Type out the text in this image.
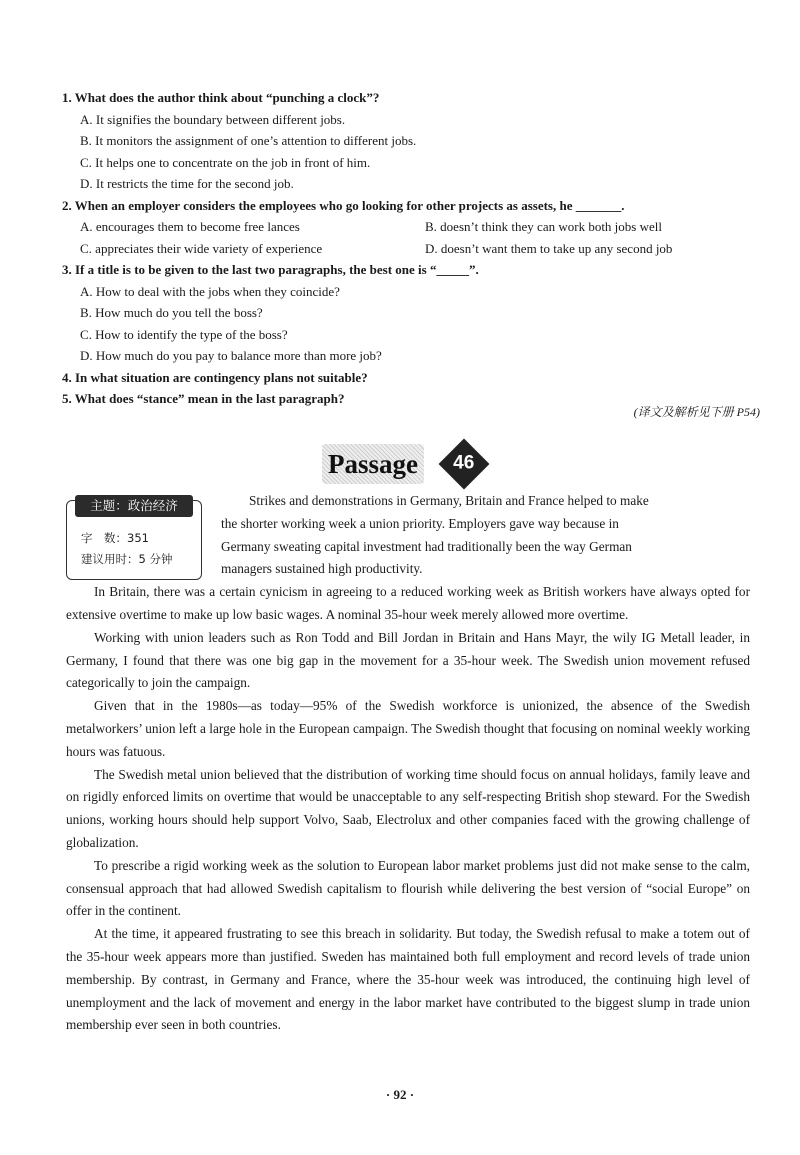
1. What does the author think about “punching a clock”?
A. It signifies the boundary between different jobs.
B. It monitors the assignment of one’s attention to different jobs.
C. It helps one to concentrate on the job in front of him.
D. It restricts the time for the second job.
2. When an employer considers the employees who go looking for other projects as assets, he _______.
A. encourages them to become free lances	B. doesn’t think they can work both jobs well
C. appreciates their wide variety of experience	D. doesn’t want them to take up any second job
3. If a title is to be given to the last two paragraphs, the best one is “_____”.
A. How to deal with the jobs when they coincide?
B. How much do you tell the boss?
C. How to identify the type of the boss?
D. How much do you pay to balance more than more job?
4. In what situation are contingency plans not suitable?
5. What does “stance” mean in the last paragraph?
(译文及解析见下册 P54)
Passage	46
主题：政治经济
字　数：351
建议用时：5 分钟

Strikes and demonstrations in Germany, Britain and France helped to make
the shorter working week a union priority. Employers gave way because in
Germany sweating capital investment had traditionally been the way German
managers sustained high productivity.

In Britain, there was a certain cynicism in agreeing to a reduced working week as British workers have always opted for extensive overtime to make up low basic wages. A nominal 35-hour week merely allowed more overtime.

Working with union leaders such as Ron Todd and Bill Jordan in Britain and Hans Mayr, the wily IG Metall leader, in Germany, I found that there was one big gap in the movement for a 35-hour week. The Swedish union movement refused categorically to join the campaign.

Given that in the 1980s—as today—95% of the Swedish workforce is unionized, the absence of the Swedish metalworkers’ union left a large hole in the European campaign. The Swedish thought that focusing on nominal weekly working hours was fatuous.

The Swedish metal union believed that the distribution of working time should focus on annual holidays, family leave and on rigidly enforced limits on overtime that would be unacceptable to any self-respecting British shop steward. For the Swedish unions, working hours should help support Volvo, Saab, Electrolux and other companies faced with the growing challenge of globalization.

To prescribe a rigid working week as the solution to European labor market problems just did not make sense to the calm, consensual approach that had allowed Swedish capitalism to flourish while delivering the best version of “social Europe” on offer in the continent.

At the time, it appeared frustrating to see this breach in solidarity. But today, the Swedish refusal to make a totem out of the 35-hour week appears more than justified. Sweden has maintained both full employment and record levels of trade union membership. By contrast, in Germany and France, where the 35-hour week was introduced, the continuing high level of unemployment and the lack of movement and energy in the labor market have contributed to the biggest slump in trade union membership ever seen in both countries.

· 92 ·
